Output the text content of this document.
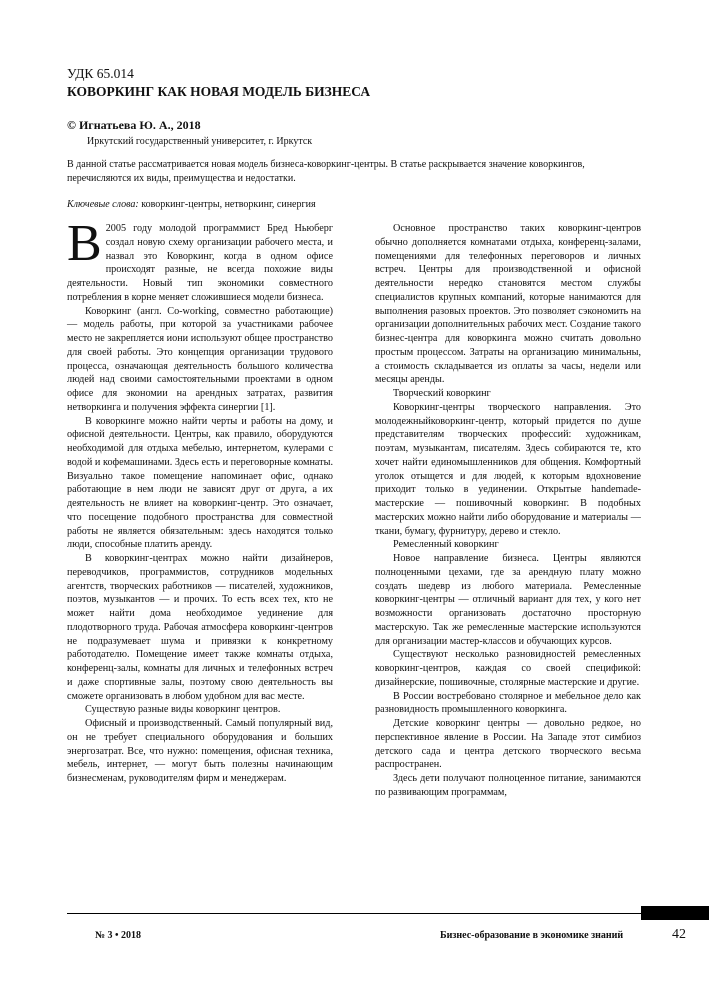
УДК 65.014
КОВОРКИНГ КАК НОВАЯ МОДЕЛЬ БИЗНЕСА
© Игнатьева Ю. А., 2018
Иркутский государственный университет, г. Иркутск
В данной статье рассматривается новая модель бизнеса-коворкинг-центры. В статье раскрывается значение коворкингов, перечисляются их виды, преимущества и недостатки.
Ключевые слова: коворкинг-центры, нетворкинг, синергия

В 2005 году молодой программист Бред Ньюберг создал новую схему организации рабочего места, и назвал это Коворкинг, когда в одном офисе происходят разные, не всегда похожие виды деятельности. Новый тип экономики совместного потребления в корне меняет сложившиеся модели бизнеса.

Коворкинг (англ. Co-working, совместно работающие) — модель работы, при которой за участниками рабочее место не закрепляется иони используют общее пространство для своей работы. Это концепция организации трудового процесса, означающая деятельность большого количества людей над своими самостоятельными проектами в одном офисе для экономии на арендных затратах, развития нетворкинга и получения эффекта синергии [1].

В коворкинге можно найти черты и работы на дому, и офисной деятельности. Центры, как правило, оборудуются необходимой для отдыха мебелью, интернетом, кулерами с водой и кофемашинами. Здесь есть и переговорные комнаты. Визуально такое помещение напоминает офис, однако работающие в нем люди не зависят друг от друга, а их деятельность не влияет на коворкинг-центр. Это означает, что посещение подобного пространства для совместной работы не является обязательным: здесь находятся только люди, способные платить аренду.

В коворкинг-центрах можно найти дизайнеров, переводчиков, программистов, сотрудников модельных агентств, творческих работников — писателей, художников, поэтов, музыкантов — и прочих. То есть всех тех, кто не может найти дома необходимое уединение для плодотворного труда. Рабочая атмосфера коворкинг-центров не подразумевает шума и привязки к конкретному работодателю. Помещение имеет также комнаты отдыха, конференц-залы, комнаты для личных и телефонных встреч и даже спортивные залы, поэтому свою деятельность вы сможете организовать в любом удобном для вас месте.

Существую разные виды коворкинг центров.

Офисный и производственный. Самый популярный вид, он не требует специального оборудования и больших энергозатрат. Все, что нужно: помещения, офисная техника, мебель, интернет, — могут быть полезны начинающим бизнесменам, руководителям фирм и менеджерам.

Основное пространство таких коворкинг-центров обычно дополняется комнатами отдыха, конференц-залами, помещениями для телефонных переговоров и личных встреч. Центры для производственной и офисной деятельности нередко становятся местом службы специалистов крупных компаний, которые нанимаются для выполнения разовых проектов. Это позволяет сэкономить на организации дополнительных рабочих мест. Создание такого бизнес-центра для коворкинга можно считать довольно простым процессом. Затраты на организацию минимальны, а стоимость складывается из оплаты за часы, недели или месяцы аренды.

Творческий коворкинг

Коворкинг-центры творческого направления. Это молодежныйковоркинг-центр, который придется по душе представителям творческих профессий: художникам, поэтам, музыкантам, писателям. Здесь собираются те, кто хочет найти единомышленников для общения. Комфортный уголок отыщется и для людей, к которым вдохновение приходит только в уединении. Открытые handemade-мастерские — пошивочный коворкинг. В подобных мастерских можно найти либо оборудование и материалы — ткани, бумагу, фурнитуру, дерево и стекло.

Ремесленный коворкинг

Новое направление бизнеса. Центры являются полноценными цехами, где за арендную плату можно создать шедевр из любого материала. Ремесленные коворкинг-центры — отличный вариант для тех, у кого нет возможности организовать достаточно просторную мастерскую. Так же ремесленные мастерские используются для организации мастер-классов и обучающих курсов.

Существуют несколько разновидностей ремесленных коворкинг-центров, каждая со своей спецификой: дизайнерские, пошивочные, столярные мастерские и другие.

В России востребовано столярное и мебельное дело как разновидность промышленного коворкинга.

Детские коворкинг центры — довольно редкое, но перспективное явление в России. На Западе этот симбиоз детского сада и центра детского творческого весьма распространен.

Здесь дети получают полноценное питание, занимаются по развивающим программам,

№ 3 • 2018	Бизнес-образование в экономике знаний	42
